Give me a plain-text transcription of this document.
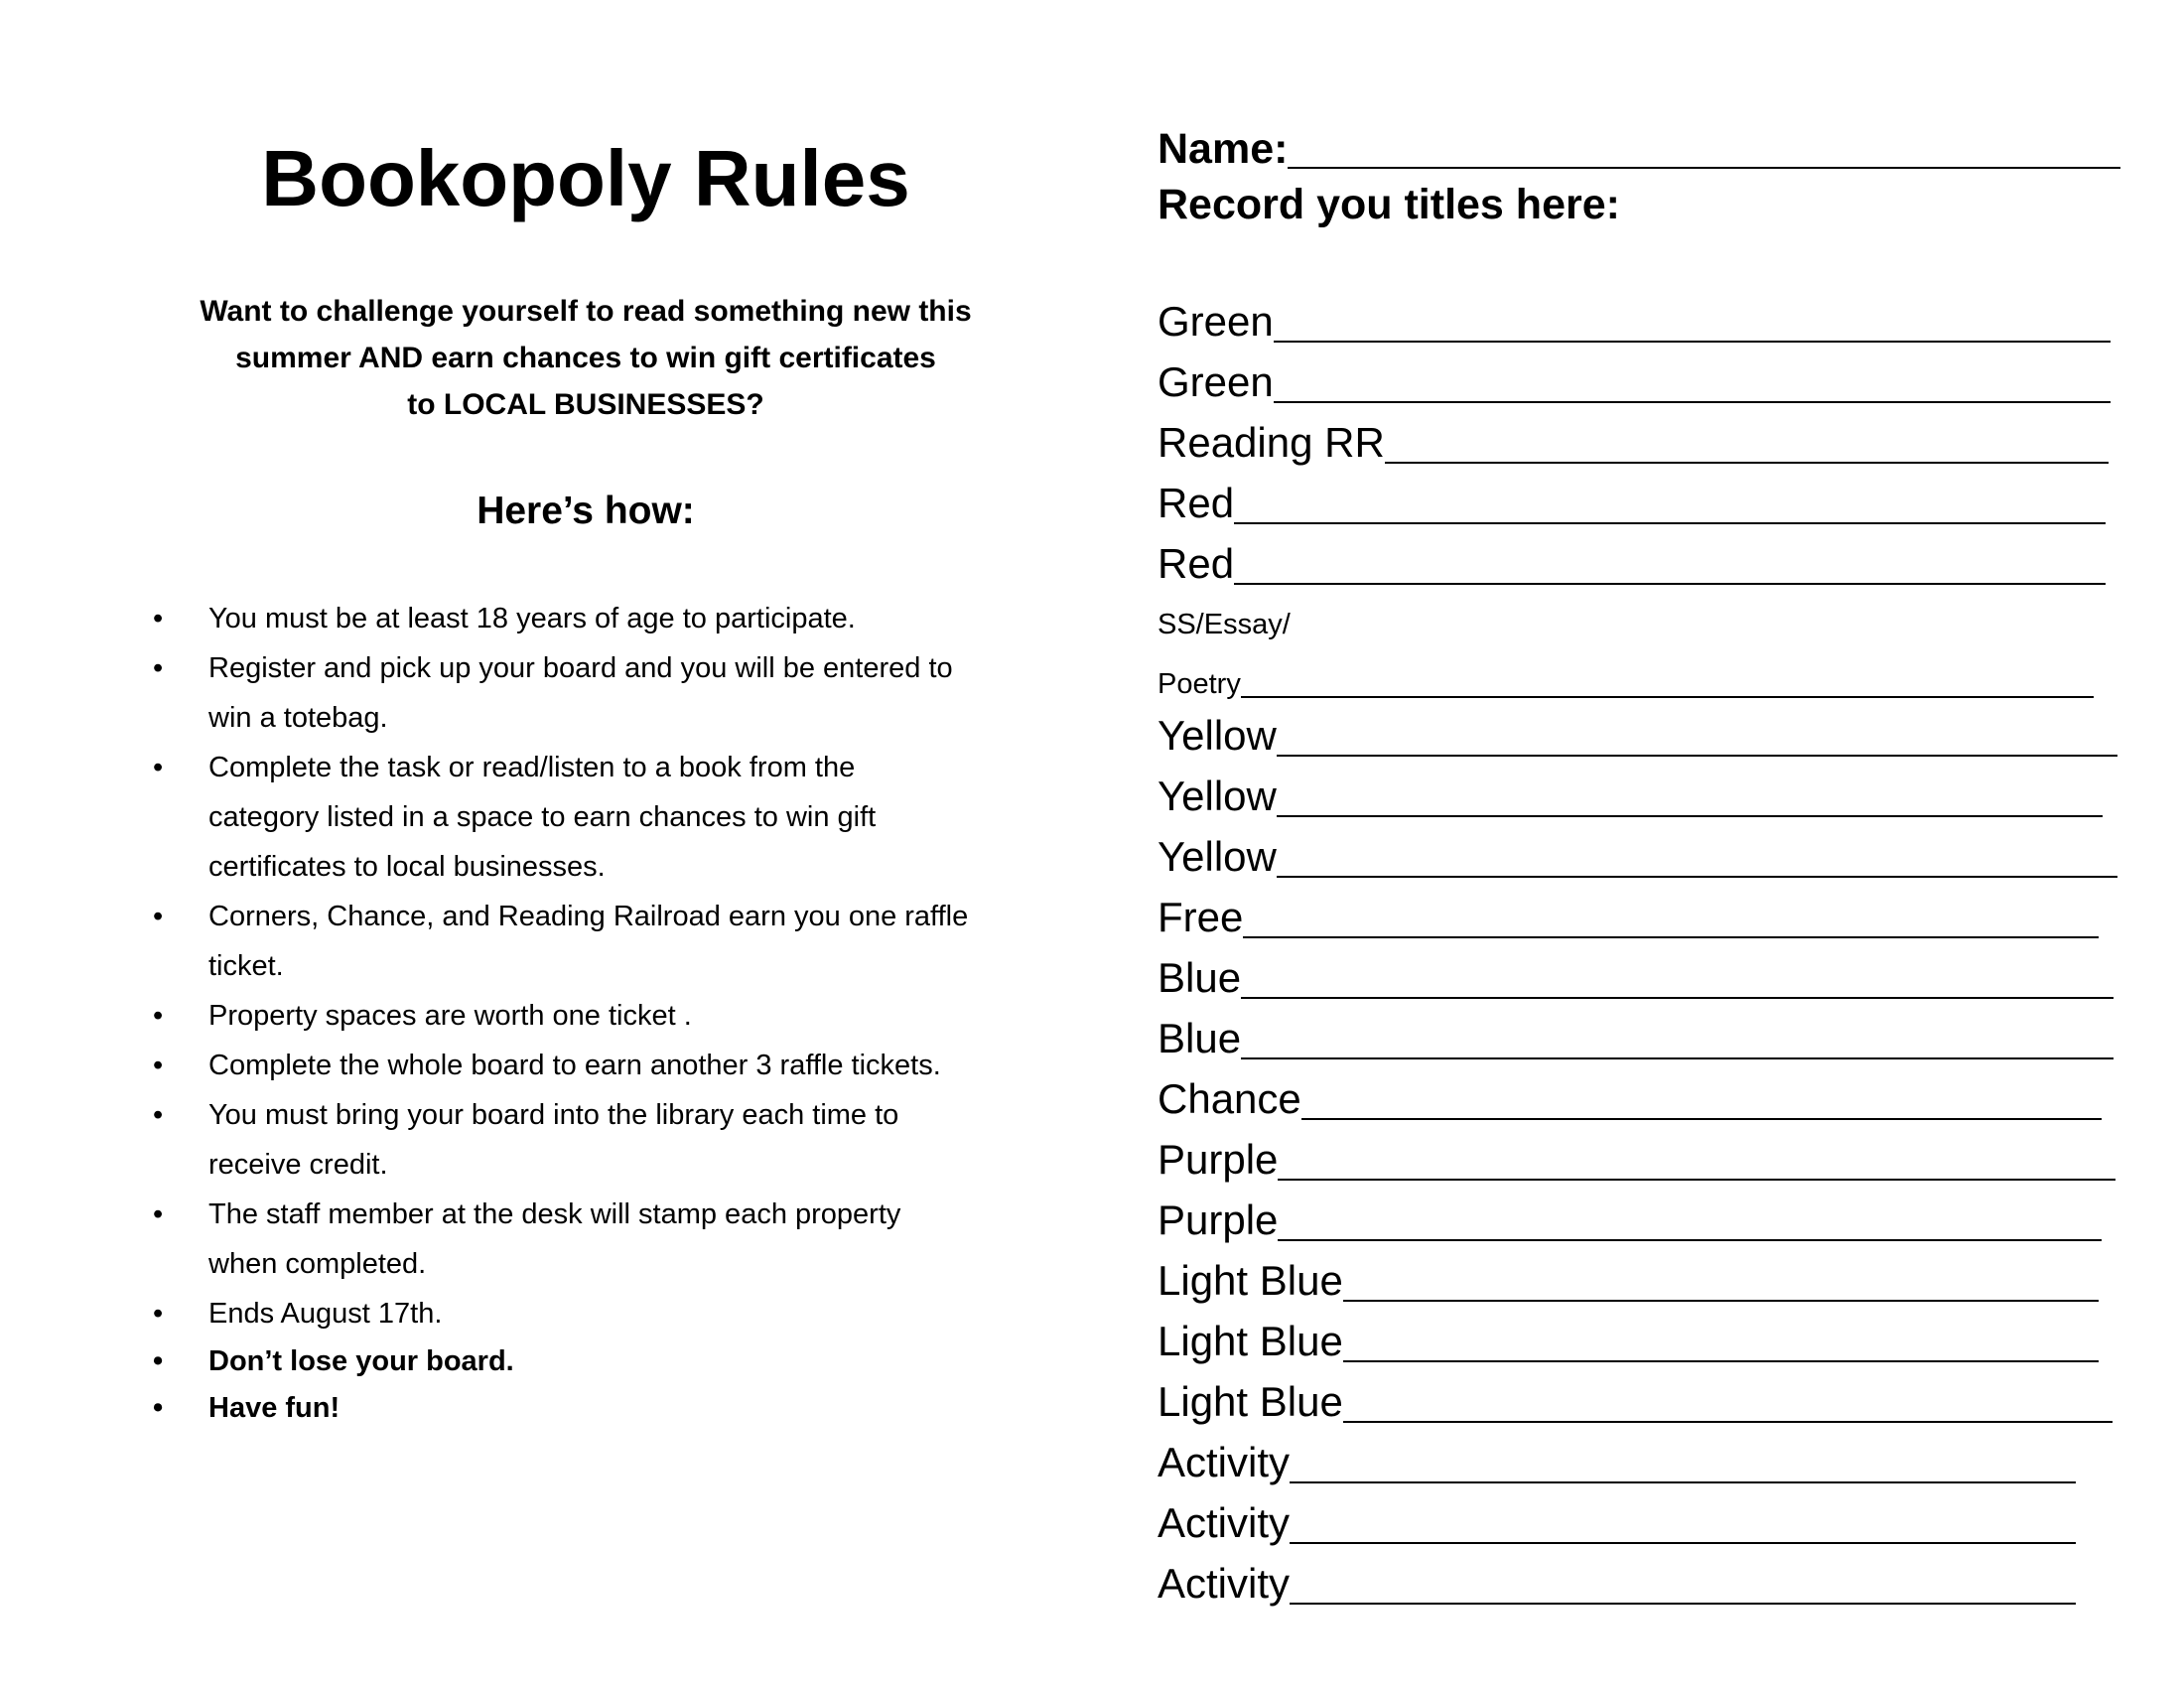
Bookopoly Rules

Want to challenge yourself to read something new this
summer AND earn chances to win gift certificates
to LOCAL BUSINESSES?

Here’s how:
• You must be at least 18 years of age to participate.
• Register and pick up your board and you will be entered to
win a totebag.
• Complete the task or read/listen to a book from the
category listed in a space to earn chances to win gift
certificates to local businesses.
• Corners, Chance, and Reading Railroad earn you one raffle
ticket.
• Property spaces are worth one ticket .
• Complete the whole board to earn another 3 raffle tickets.
• You must bring your board into the library each time to
receive credit.
• The staff member at the desk will stamp each property
when completed.
• Ends August 17th.
• Don’t lose your board.
• Have fun!
Name:

Record you titles here:

Green
Green
Reading RR
Red
Red
SS/Essay/
Poetry
Yellow
Yellow
Yellow
Free
Blue
Blue
Chance
Purple
Purple
Light Blue
Light Blue
Light Blue
Activity
Activity
Activity
